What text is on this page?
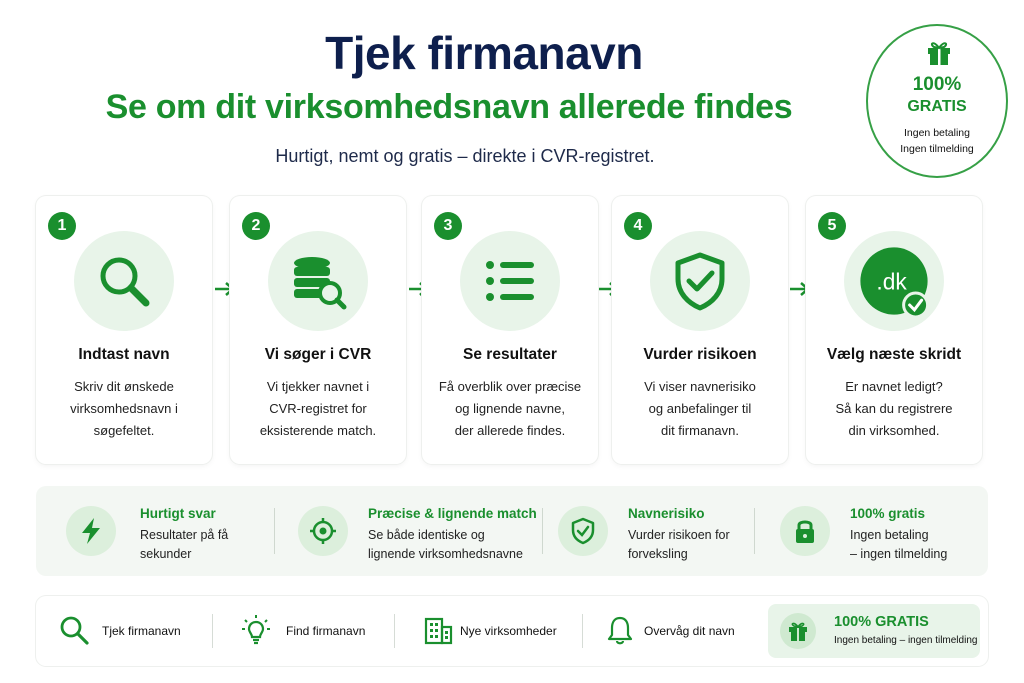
Tjek firmanavn
Se om dit virksomhedsnavn allerede findes
Hurtigt, nemt og gratis – direkte i CVR-registret.
100%
GRATIS
Ingen betaling
Ingen tilmelding
1
Indtast navn
Skriv dit ønskede
virksomhedsnavn i
søgefeltet.
2
Vi søger i CVR
Vi tjekker navnet i
CVR-registret for
eksisterende match.
3
Se resultater
Få overblik over præcise
og lignende navne,
der allerede findes.
4
Vurder risikoen
Vi viser navnerisiko
og anbefalinger til
dit firmanavn.
5
.dk
Vælg næste skridt
Er navnet ledigt?
Så kan du registrere
din virksomhed.
Hurtigt svar
Resultater på få
sekunder
Præcise & lignende match
Se både identiske og
lignende virksomhedsnavne
Navnerisiko
Vurder risikoen for
forveksling
100% gratis
Ingen betaling
– ingen tilmelding
Tjek firmanavn	Find firmanavn	Nye virksomheder	Overvåg dit navn
100% GRATIS
Ingen betaling – ingen tilmelding
